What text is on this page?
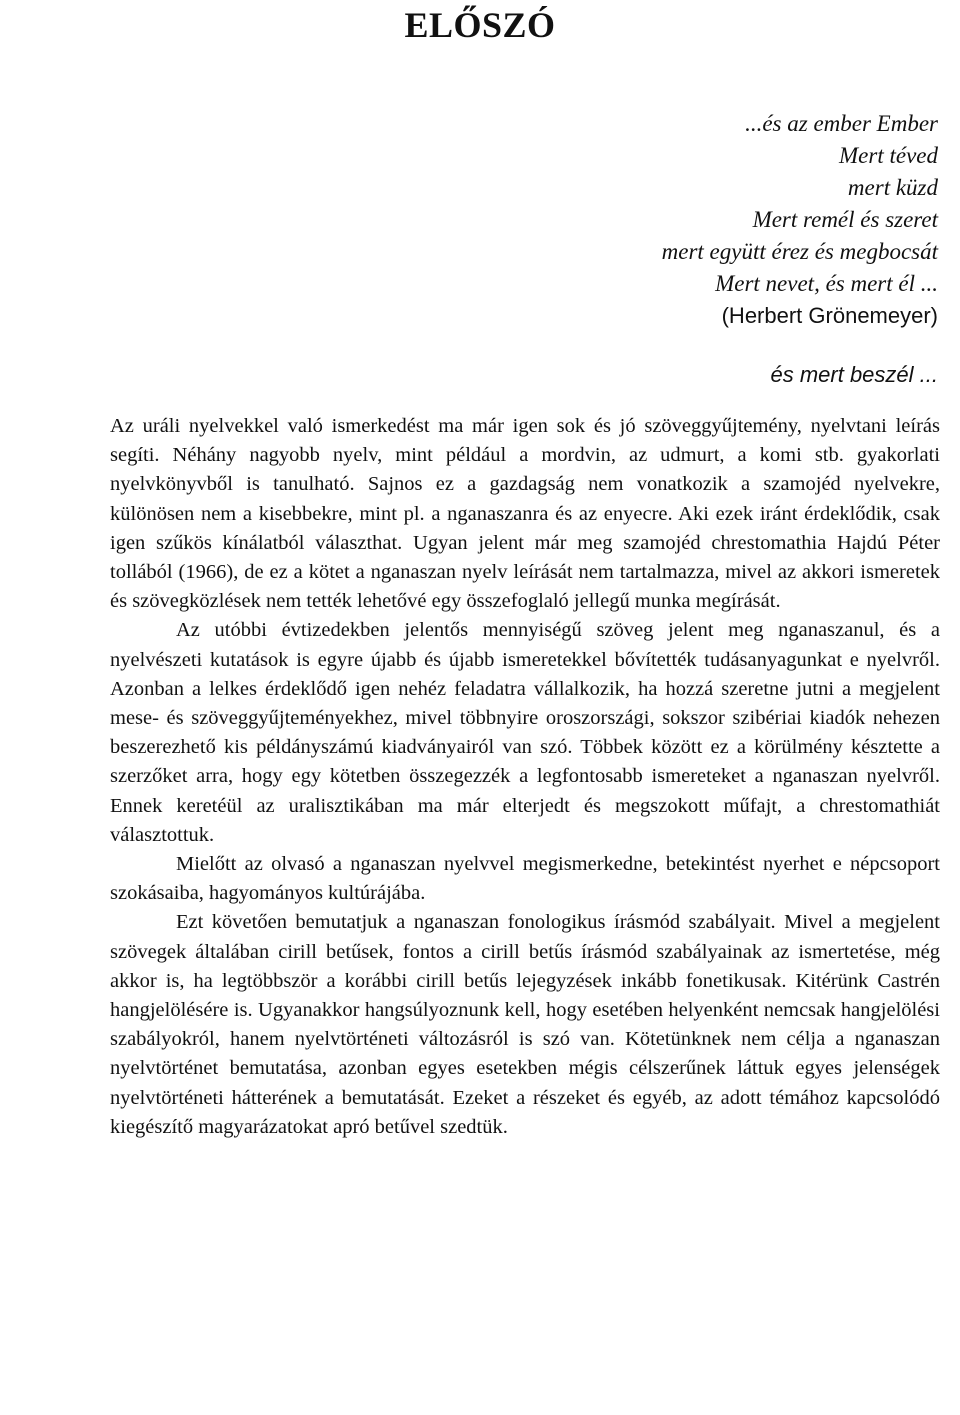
ELŐSZÓ
...és az ember Ember
Mert téved
mert küzd
Mert remél és szeret
mert együtt érez és megbocsát
Mert nevet, és mert él ...
(Herbert Grönemeyer)
és mert beszél ...

Az uráli nyelvekkel való ismerkedést ma már igen sok és jó szöveggyűjtemény, nyelvtani leírás segíti. Néhány nagyobb nyelv, mint például a mordvin, az udmurt, a komi stb. gyakorlati nyelvkönyvből is tanulható. Sajnos ez a gazdagság nem vonatkozik a szamojéd nyelvekre, különösen nem a kisebbekre, mint pl. a nganaszanra és az enyecre. Aki ezek iránt érdeklődik, csak igen szűkös kínálatból választhat. Ugyan jelent már meg szamojéd chrestomathia Hajdú Péter tollából (1966), de ez a kötet a nganaszan nyelv leírását nem tartalmazza, mivel az akkori ismeretek és szövegközlések nem tették lehetővé egy összefoglaló jellegű munka megírását.

Az utóbbi évtizedekben jelentős mennyiségű szöveg jelent meg nganaszanul, és a nyelvészeti kutatások is egyre újabb és újabb ismeretekkel bővítették tudásanyagunkat e nyelvről. Azonban a lelkes érdeklődő igen nehéz feladatra vállalkozik, ha hozzá szeretne jutni a megjelent mese- és szöveggyűjteményekhez, mivel többnyire oroszországi, sokszor szibériai kiadók nehezen beszerezhető kis példányszámú kiadványairól van szó. Többek között ez a körülmény késztette a szerzőket arra, hogy egy kötetben összegezzék a legfontosabb ismereteket a nganaszan nyelvről. Ennek keretéül az uralisztikában ma már elterjedt és megszokott műfajt, a chrestomathiát választottuk.

Mielőtt az olvasó a nganaszan nyelvvel megismerkedne, betekintést nyerhet e népcsoport szokásaiba, hagyományos kultúrájába.

Ezt követően bemutatjuk a nganaszan fonologikus írásmód szabályait. Mivel a megjelent szövegek általában cirill betűsek, fontos a cirill betűs írásmód szabályainak az ismertetése, még akkor is, ha legtöbbször a korábbi cirill betűs lejegyzések inkább fonetikusak. Kitérünk Castrén hangjelölésére is. Ugyanakkor hangsúlyoznunk kell, hogy esetében helyenként nemcsak hangjelölési szabályokról, hanem nyelvtörténeti változásról is szó van. Kötetünknek nem célja a nganaszan nyelvtörténet bemutatása, azonban egyes esetekben mégis célszerűnek láttuk egyes jelenségek nyelvtörténeti hátterének a bemutatását. Ezeket a részeket és egyéb, az adott témához kapcsolódó kiegészítő magyarázatokat apró betűvel szedtük.
